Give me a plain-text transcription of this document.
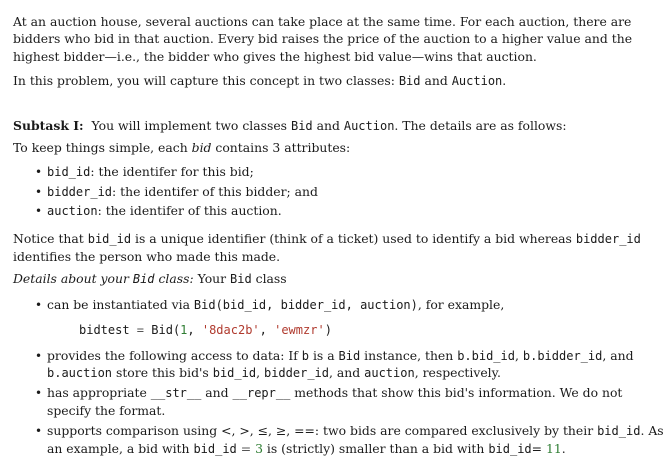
At an auction house, several auctions can take place at the same time. For each auction, there are
bidders who bid in that auction. Every bid raises the price of the auction to a higher value and the
highest bidder—i.e., the bidder who gives the highest bid value—wins that auction.
In this problem, you will capture this concept in two classes: Bid and Auction.
Subtask I:  You will implement two classes Bid and Auction. The details are as follows:
To keep things simple, each bid contains 3 attributes:
• bid_id: the identifer for this bid;
• bidder_id: the identifer of this bidder; and
• auction: the identifer of this auction.
Notice that bid_id is a unique identifier (think of a ticket) used to identify a bid whereas bidder_id
identifies the person who made this made.
Details about your Bid class: Your Bid class
• can be instantiated via Bid(bid_id, bidder_id, auction), for example,
bidtest = Bid(1, '8dac2b', 'ewmzr')
• provides the following access to data: If b is a Bid instance, then b.bid_id, b.bidder_id, and
b.auction store this bid's bid_id, bidder_id, and auction, respectively.
• has appropriate __str__ and __repr__ methods that show this bid's information. We do not
specify the format.
• supports comparison using <, >, ≤, ≥, ==: two bids are compared exclusively by their bid_id. As
an example, a bid with bid_id = 3 is (strictly) smaller than a bid with bid_id= 11.
